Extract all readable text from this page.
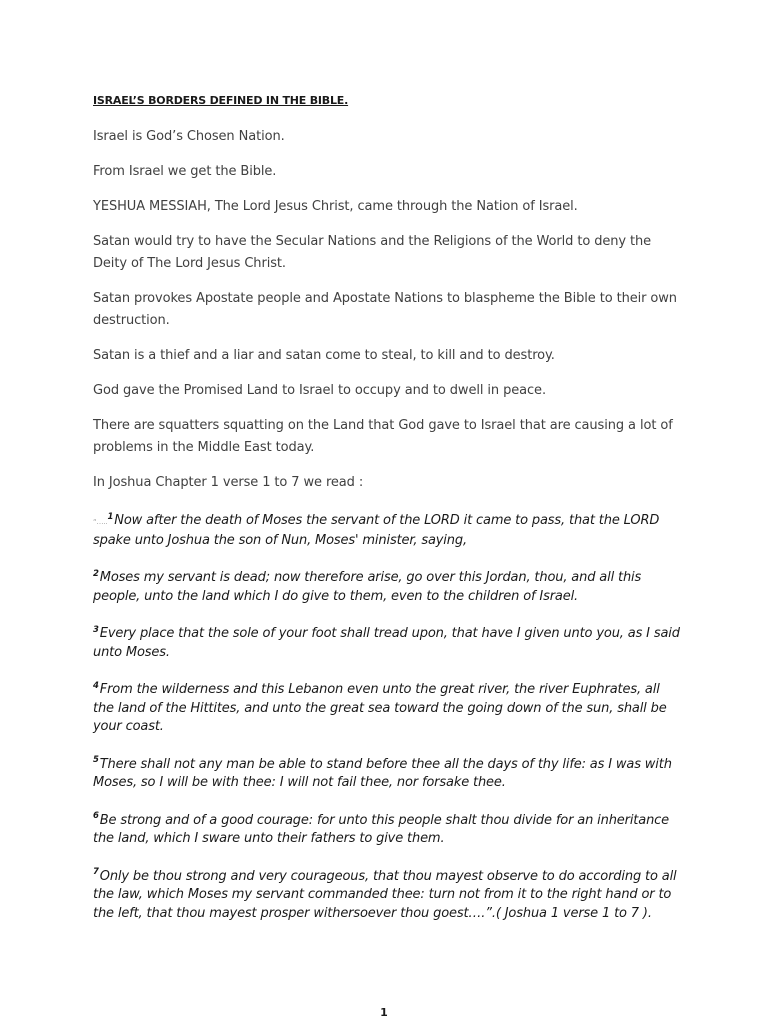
ISRAEL’S BORDERS DEFINED IN THE BIBLE.

Israel is God’s Chosen Nation.

From Israel we get the Bible.

YESHUA MESSIAH, The Lord Jesus Christ, came through the Nation of Israel.

Satan would try to have the Secular Nations and the Religions of the World to deny the Deity of The Lord Jesus Christ.

Satan provokes Apostate people and Apostate Nations to blaspheme the Bible to their own destruction.

Satan is a thief and a liar and satan come to steal, to kill and to destroy.

God gave the Promised Land to Israel to occupy and to dwell in peace.

There are squatters squatting on the Land that God gave to Israel that are causing a lot of problems in the Middle East today.

In Joshua Chapter 1 verse 1 to 7 we read :

“…..$^1$Now after the death of Moses the servant of the LORD it came to pass, that the LORD spake unto Joshua the son of Nun, Moses' minister, saying,

$^2$Moses my servant is dead; now therefore arise, go over this Jordan, thou, and all this people, unto the land which I do give to them, even to the children of Israel.

$^3$Every place that the sole of your foot shall tread upon, that have I given unto you, as I said unto Moses.

$^4$From the wilderness and this Lebanon even unto the great river, the river Euphrates, all the land of the Hittites, and unto the great sea toward the going down of the sun, shall be your coast.

$^5$There shall not any man be able to stand before thee all the days of thy life: as I was with Moses, so I will be with thee: I will not fail thee, nor forsake thee.

$^6$Be strong and of a good courage: for unto this people shalt thou divide for an inheritance the land, which I sware unto their fathers to give them.

$^7$Only be thou strong and very courageous, that thou mayest observe to do according to all the law, which Moses my servant commanded thee: turn not from it to the right hand or to the left, that thou mayest prosper withersoever thou goest….”.( Joshua 1 verse 1 to 7 ).

1
